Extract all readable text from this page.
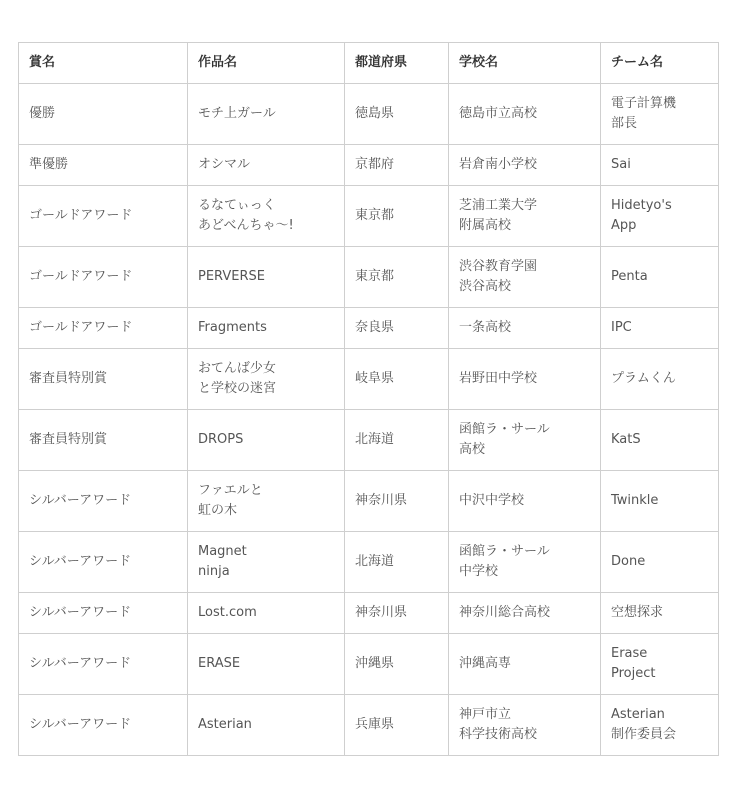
賞名	作品名	都道府県	学校名	チーム名

優勝	モチ上ガール	徳島県	徳島市立高校	電子計算機
部長

準優勝	オシマル	京都府	岩倉南小学校	Sai

ゴールドアワード	るなてぃっく
あどべんちゃ〜!	東京都	芝浦工業大学
附属高校	Hidetyo's
App

ゴールドアワード	PERVERSE	東京都	渋谷教育学園
渋谷高校	Penta

ゴールドアワード	Fragments	奈良県	一条高校	IPC

審査員特別賞	おてんば少女
と学校の迷宮	岐阜県	岩野田中学校	プラムくん

審査員特別賞	DROPS	北海道	函館ラ・サール
高校	KatS

シルバーアワード	ファエルと
虹の木	神奈川県	中沢中学校	Twinkle

シルバーアワード	Magnet
ninja	北海道	函館ラ・サール
中学校	Done

シルバーアワード	Lost.com	神奈川県	神奈川総合高校	空想探求

シルバーアワード	ERASE	沖縄県	沖縄高専	Erase
Project

シルバーアワード	Asterian	兵庫県	神戸市立
科学技術高校	Asterian
制作委員会
